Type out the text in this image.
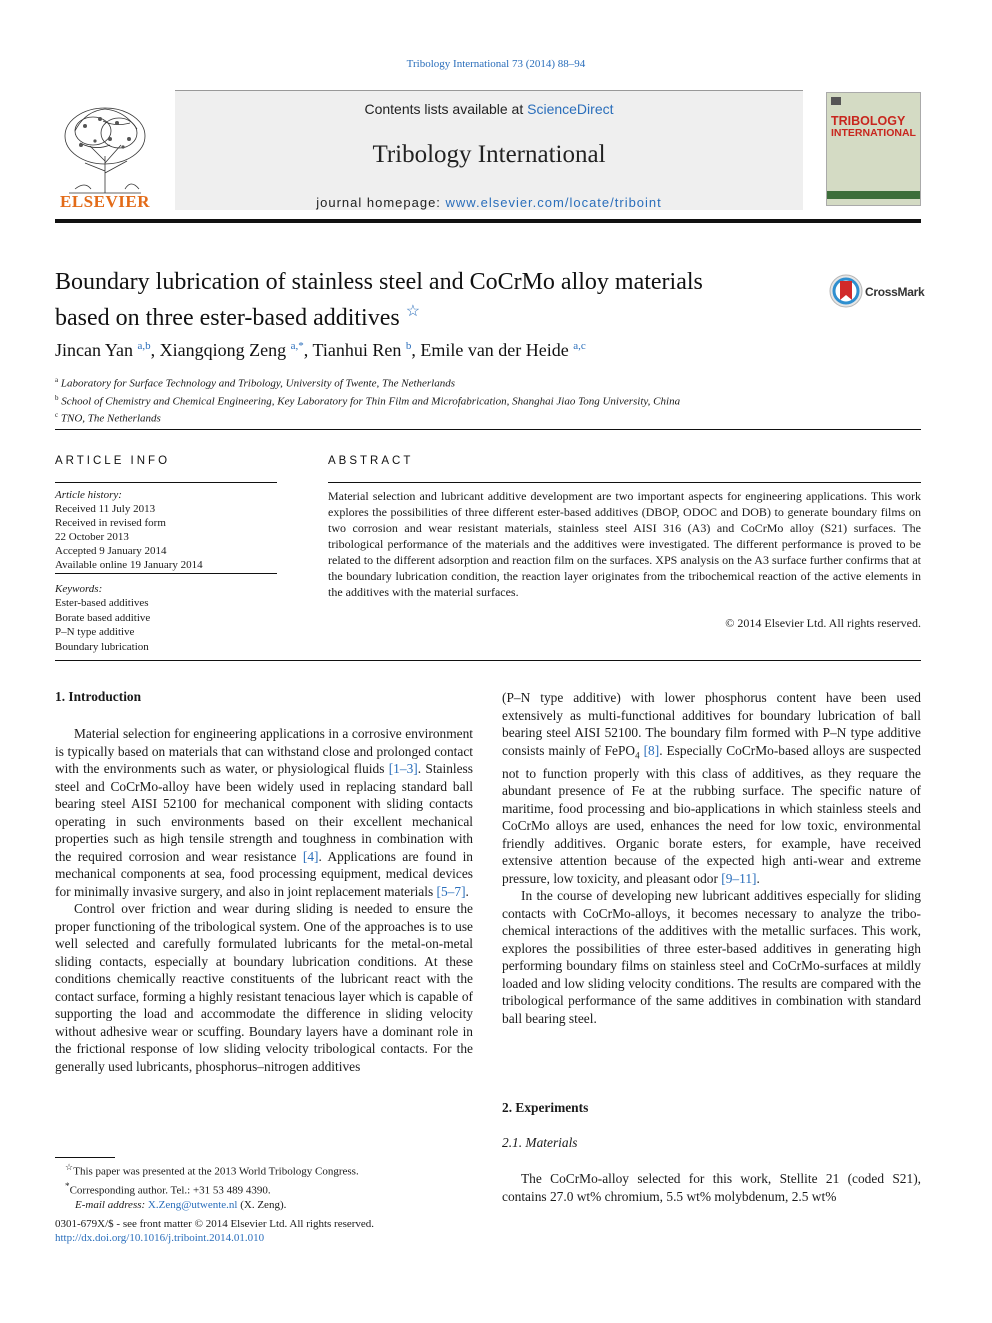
Tribology International 73 (2014) 88–94
ELSEVIER
Contents lists available at ScienceDirect
Tribology International
journal homepage: www.elsevier.com/locate/triboint
TRIBOLOGY
INTERNATIONAL
Boundary lubrication of stainless steel and CoCrMo alloy materials
based on three ester-based additives ☆
CrossMark
Jincan Yan $^{a,b}$, Xiangqiong Zeng $^{a,*}$, Tianhui Ren $^b$, Emile van der Heide $^{a,c}$
$^a$ Laboratory for Surface Technology and Tribology, University of Twente, The Netherlands
$^b$ School of Chemistry and Chemical Engineering, Key Laboratory for Thin Film and Microfabrication, Shanghai Jiao Tong University, China
$^c$ TNO, The Netherlands
ARTICLE INFO
Article history:
Received 11 July 2013
Received in revised form
22 October 2013
Accepted 9 January 2014
Available online 19 January 2014
Keywords:
Ester-based additives
Borate based additive
P–N type additive
Boundary lubrication
ABSTRACT
Material selection and lubricant additive development are two important aspects for engineering applications. This work explores the possibilities of three different ester-based additives (DBOP, ODOC and DOB) to generate boundary films on two corrosion and wear resistant materials, stainless steel AISI 316 (A3) and CoCrMo alloy (S21) surfaces. The tribological performance of the materials and the additives were investigated. The different performance is proved to be related to the different adsorption and reaction film on the surfaces. XPS analysis on the A3 surface further confirms that at the boundary lubrication condition, the reaction layer originates from the tribochemical reaction of the active elements in the additives with the material surfaces.
© 2014 Elsevier Ltd. All rights reserved.
1. Introduction

Material selection for engineering applications in a corrosive environment is typically based on materials that can withstand close and prolonged contact with the environments such as water, or physiological fluids [1–3]. Stainless steel and CoCrMo-alloy have been widely used in replacing standard ball bearing steel AISI 52100 for mechanical component with sliding contacts operating in such environments based on their excellent mechanical properties such as high tensile strength and toughness in combination with the required corrosion and wear resistance [4]. Applications are found in mechanical components at sea, food processing equipment, medical devices for minimally invasive surgery, and also in joint replacement materials [5–7].

Control over friction and wear during sliding is needed to ensure the proper functioning of the tribological system. One of the approaches is to use well selected and carefully formulated lubricants for the metal-on-metal sliding contacts, especially at boundary lubrication conditions. At these conditions chemically reactive constituents of the lubricant react with the contact surface, forming a highly resistant tenacious layer which is capable of supporting the load and accommodate the difference in sliding velocity without adhesive wear or scuffing. Boundary layers have a dominant role in the frictional response of low sliding velocity tribological contacts. For the generally used lubricants, phosphorus–nitrogen additives

(P–N type additive) with lower phosphorus content have been used extensively as multi-functional additives for boundary lubrication of ball bearing steel AISI 52100. The boundary film formed with P–N type additive consists mainly of FePO$_4$ [8]. Especially CoCrMo-based alloys are suspected not to function properly with this class of additives, as they requare the abundant presence of Fe at the rubbing surface. The specific nature of maritime, food processing and bio-applications in which stainless steels and CoCrMo alloys are used, enhances the need for low toxic, environmental friendly additives. Organic borate esters, for example, have received extensive attention because of the expected high anti-wear and extreme pressure, low toxicity, and pleasant odor [9–11].

In the course of developing new lubricant additives especially for sliding contacts with CoCrMo-alloys, it becomes necessary to analyze the tribo-chemical interactions of the additives with the metallic surfaces. This work, explores the possibilities of three ester-based additives in generating high performing boundary films on stainless steel and CoCrMo-surfaces at mildly loaded and low sliding velocity conditions. The results are compared with the tribological performance of the same additives in combination with standard ball bearing steel.

2. Experiments
2.1. Materials

The CoCrMo-alloy selected for this work, Stellite 21 (coded S21), contains 27.0 wt% chromium, 5.5 wt% molybdenum, 2.5 wt%

☆This paper was presented at the 2013 World Tribology Congress.
*Corresponding author. Tel.: +31 53 489 4390.
E-mail address: X.Zeng@utwente.nl (X. Zeng).
0301-679X/$ - see front matter © 2014 Elsevier Ltd. All rights reserved.
http://dx.doi.org/10.1016/j.triboint.2014.01.010
